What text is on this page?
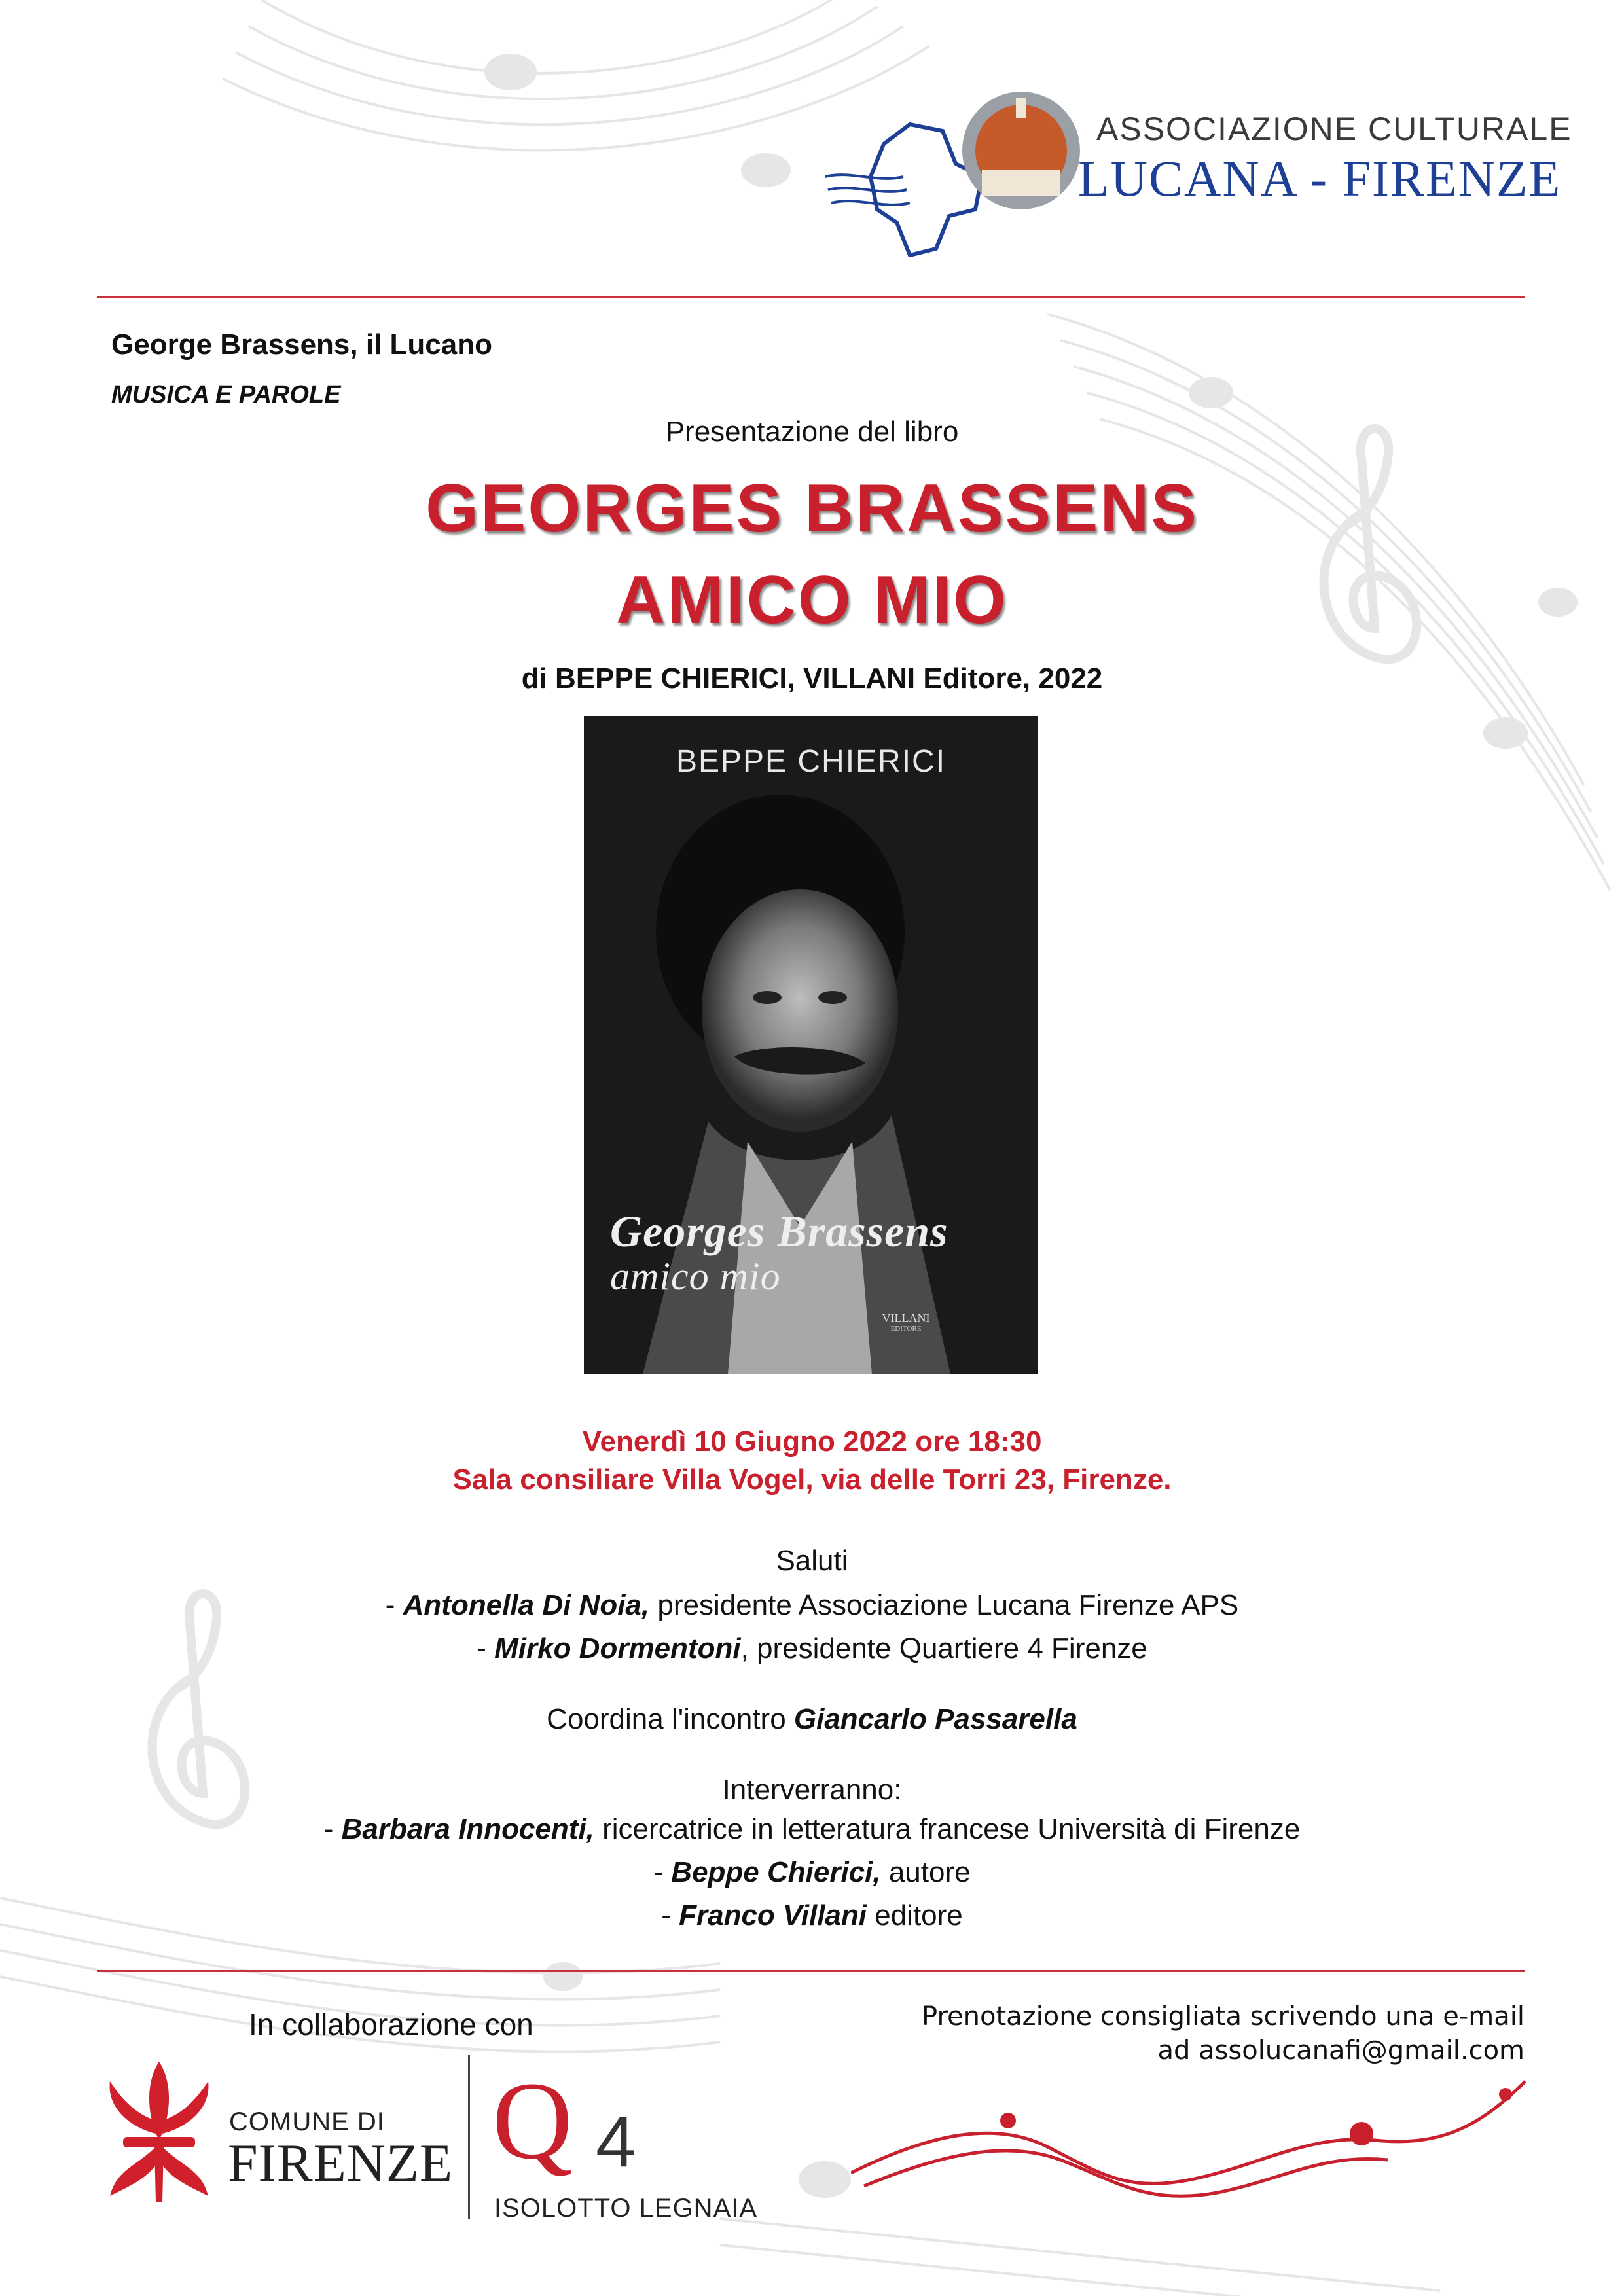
ASSOCIAZIONE CULTURALE
LUCANA - FIRENZE
George Brassens, il Lucano
MUSICA E PAROLE
Presentazione del libro
GEORGES BRASSENS
AMICO MIO
di BEPPE CHIERICI, VILLANI Editore, 2022
BEPPE CHIERICI
Georges Brassens
amico mio
VILLANI
EDITORE
Venerdì 10 Giugno 2022 ore 18:30
Sala consiliare Villa Vogel, via delle Torri 23, Firenze.
Saluti
- Antonella Di Noia, presidente Associazione Lucana Firenze APS
- Mirko Dormentoni, presidente Quartiere 4 Firenze
Coordina l'incontro Giancarlo Passarella
Interverranno:
- Barbara Innocenti, ricercatrice in letteratura francese Università di Firenze
- Beppe Chierici, autore
- Franco Villani editore
In collaborazione con	Prenotazione consigliata scrivendo una e-mail
ad assolucanafi@gmail.com
COMUNE DI
FIRENZE Q 4
ISOLOTTO LEGNAIA
